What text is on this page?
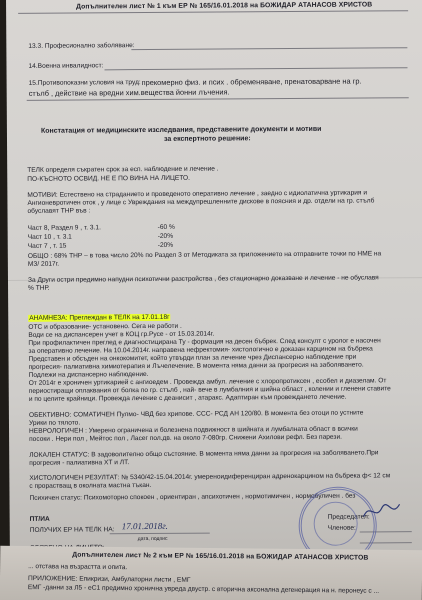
Допълнителен лист № 1 към ЕР № 165/16.01.2018 на БОЖИДАР АТАНАСОВ ХРИСТОВ
13.3. Професионално заболяване:
14.Военна инвалидност:
15.Противопоказни условия на труд: прекомерно физ. и псих . обременяване, пренатоварване на гр.
стълб , действие на вредни хим.вещества йонни лъчения.
Констатация от медицинските изследвания, представените документи и мотиви
за експертното решение:
ТЕЛК определя съкратен срок за есп. наблюдение и лечение .
ПО-КЪСНОТО ОСВИД. НЕ Е ПО ВИНА НА ЛИЦЕТО.
МОТИВИ: Естествено на страданието и проведеното оперативно лечение , заедно с идиолатична уртикария и
Ангионевротичен оток , у лице с Увреждания на междупрешленните дискове в поясния и др. отдели на гр. стълб
обуславят ТНР във :
Част 8, Раздел 9 , т. 3.1.	-60 %
Част 10 , т. 3.1	-20%
Част 7 , т. 15	-20%
ОБЩО : 68% ТНР – в това число 20% по Раздел 3 от Методиката за приложението на отправните точки по НМЕ на
МЗ/ 2017г.
За Други остри предимно напудни психотични разстройства , без стационарно доказване и лечение - не обуславя
% ТНР.
АНАМНЕЗА: Преглеждан в ТЕЛК на 17.01.18г
ОТС и образование- установено. Сега не работи .
Води се на диспансерен учет в КОЦ гр.Русе - от 15.03.2014г.
При профилактичен преглед е диагностицирана Ту - формация на десен бъбрек. След консулт с уролог е насочен
за оперативно лечение. На 10.04.2014г. направена нефректомия- хистологично е доказан карцином на бъбрека
Представен и обсъден на онкокомитет, който утвърди план за лечение чрез Диспансерно наблюдение при
прогресия- палиативна химиотерапия и Лъчелечение. В момента няма данни за прогресия на заболяването.
Подлежи на диспансерно наблюдение.
От 2014г е хроничен уртикарией с ангиоедем . Провежда амбул. лечение с хлоропротиксен , есобел и диазелам. От
периостиращи оплаквания от болка по гр. стълб , най- вече в лумбалния и шийна област , колении и гленени ставите
и по целите крайници. Провежда лечение с деанисит , атаракс. Адаптиран към провеждането лечение.
ОБЕКТИВНО: СОМАТИЧЕН Пулмо- ЧВД без хрипове. ССС- РСД АН 120/80. В момента без отоци по устните
Урики по тялото.
НЕВРОЛОГИЧЕН : Умерено ограничена и болезнена подвижност в шийната и лумбалната област в всички
посоки . Нери пол , Мейтос пол , Ласег пол.дв. на около 7-080гр. Снижени Ахилови рефл. Без парези.
ЛОКАЛЕН СТАТУС: В задоволително общо състояние. В момента няма данни за прогресия на заболяването.При
прогресия - палиативна ХТ и ЛТ.
ХИСТОЛОГИЧЕН РЕЗУЛТАТ: № 5340/42-15.04.2014г. умереноидиференциран адренокарцином на бъбрека ф< 12 см
с прорастващ в околната мастна тъкан.
Психичен статус: Психомоторно спокоен , ориентиран , апсихотичен , нормотимичен , нормобуличен . без
ПТ/ИА
ПОЛУЧИХ ЕР НА ТЕЛК НА: 17.01.2018г.
дата, подпис
Председател:
Членове:
Допълнителен лист № 2 към ЕР № 165/16.01.2018 на БОЖИДАР АТАНАСОВ ХРИСТОВ
... отстава на възрастта и опита.
ПРИЛОЖЕНИЕ: Епикризи, Амбулаторни листи , ЕМГ
ЕМГ -данни за Л5 - еС1 предимно хронична увреда двустр. с вторична аксонална дегенерация на н. перонеус с ...
